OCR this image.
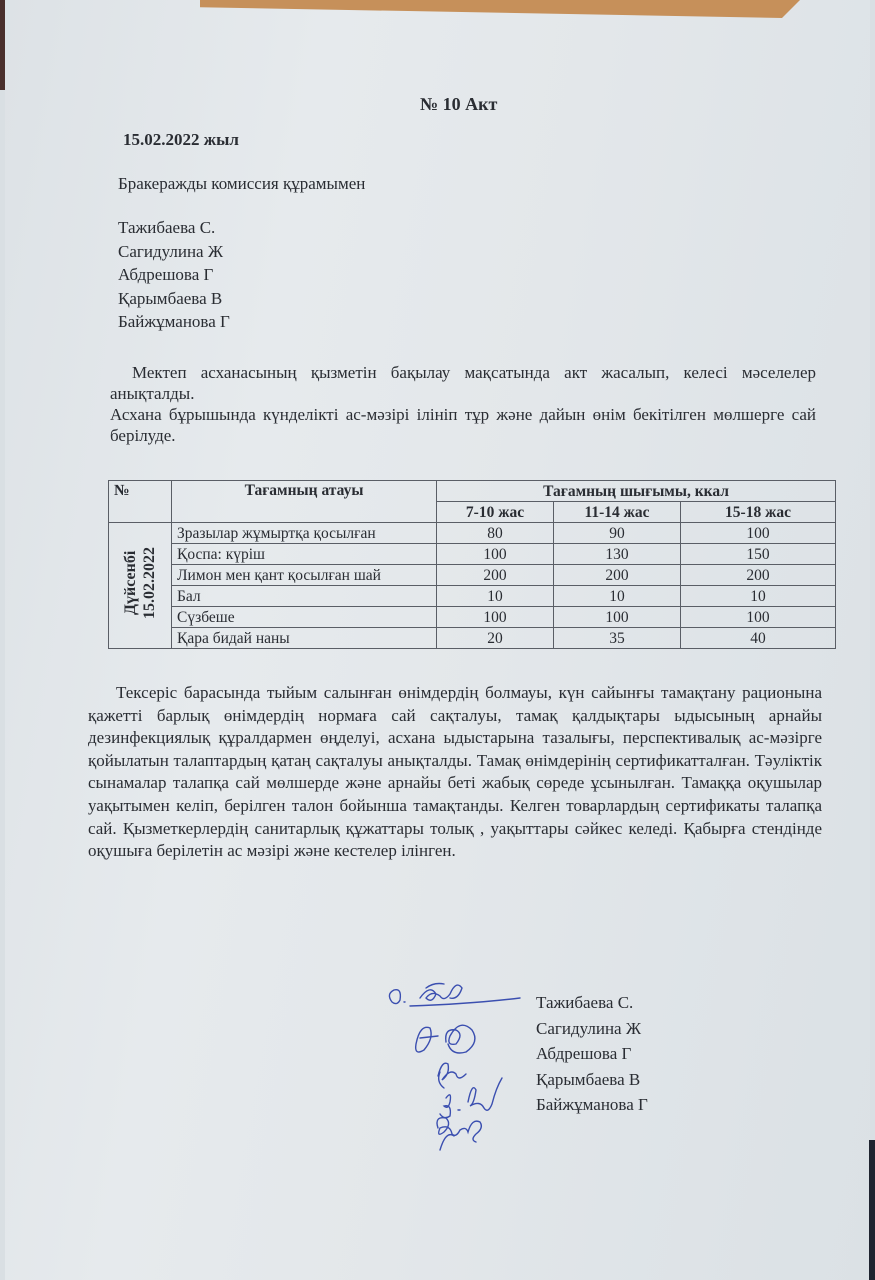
№ 10 Акт
15.02.2022 жыл
Бракеражды комиссия құрамымен
Тажибаева С.
Сагидулина Ж
Абдрешова Г
Қарымбаева В
Байжұманова Г

Мектеп асханасының қызметін бақылау мақсатында акт жасалып, келесі мәселелер анықталды.

Асхана бұрышында күнделікті ас-мәзірі ілініп тұр және дайын өнім бекітілген мөлшерге сай берілуде.

№	Тағамның атауы	Тағамның шығымы, ккал		
		7-10 жас	11-14 жас	15-18 жас
Дүйсенбі 15.02.2022	Зразылар жұмыртқа қосылған	80	90	100
	Қоспа: күріш	100	130	150
	Лимон мен қант қосылған шай	200	200	200
	Бал	10	10	10
	Сүзбеше	100	100	100
	Қара бидай наны	20	35	40

Тексеріс барасында тыйым салынған өнімдердің болмауы, күн сайынғы тамақтану рационына қажетті барлық өнімдердің нормаға сай сақталуы, тамақ қалдықтары ыдысының арнайы дезинфекциялық құралдармен өңделуі, асхана ыдыстарына тазалығы, перспективалық ас-мәзірге қойылатын талаптардың қатаң сақталуы анықталды. Тамақ өнімдерінің сертификатталған. Тәуліктік сынамалар талапқа сай мөлшерде және арнайы беті жабық сөреде ұсынылған. Тамаққа оқушылар уақытымен келіп, берілген талон бойынша тамақтанды. Келген товарлардың сертификаты талапқа сай. Қызметкерлердің санитарлық құжаттары толық , уақыттары сәйкес келеді. Қабырға стендінде оқушыға берілетін ас мәзірі және кестелер ілінген.

Тажибаева С.
Сагидулина Ж
Абдрешова Г
Қарымбаева В
Байжұманова Г
